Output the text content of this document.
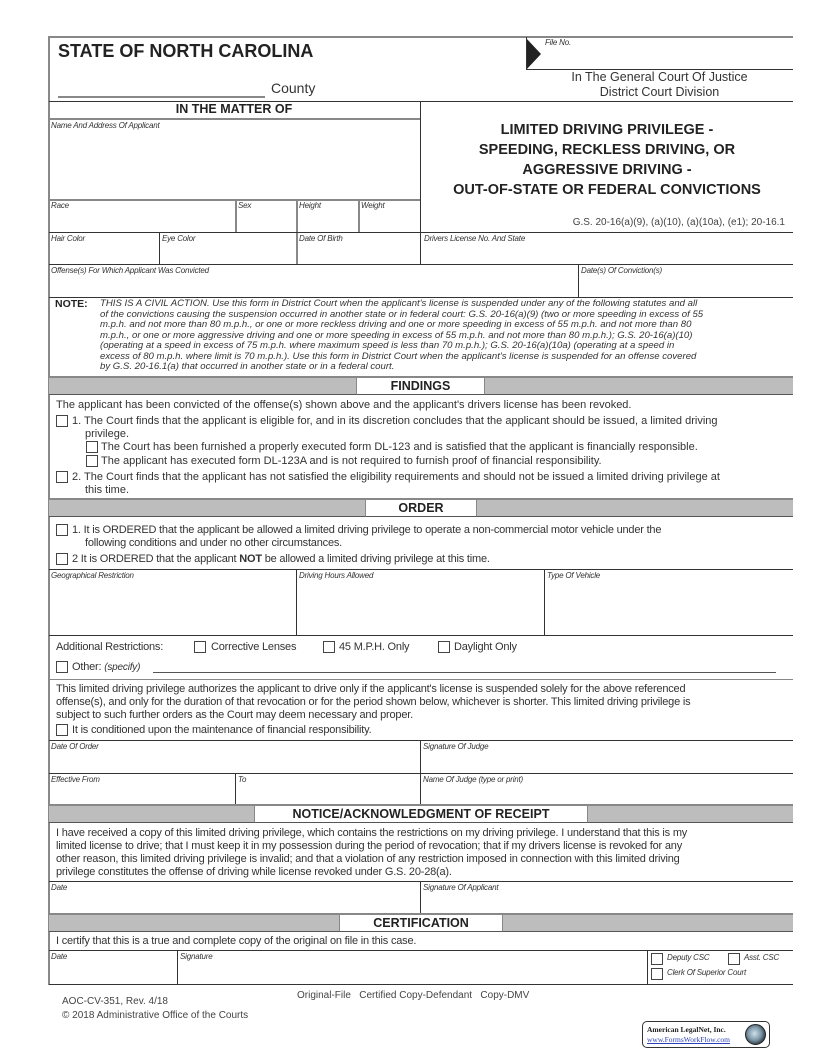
STATE OF NORTH CAROLINA
County
File No.
In The General Court Of Justice
District Court Division
IN THE MATTER OF
Name And Address Of Applicant
Race	Sex	Height	Weight
LIMITED DRIVING PRIVILEGE -
SPEEDING, RECKLESS DRIVING, OR
AGGRESSIVE DRIVING -
OUT-OF-STATE OR FEDERAL CONVICTIONS
G.S. 20-16(a)(9), (a)(10), (a)(10a), (e1); 20-16.1
Hair Color	Eye Color	Date Of Birth	Drivers License No. And State
Offense(s) For Which Applicant Was Convicted	Date(s) Of Conviction(s)
NOTE: THIS IS A CIVIL ACTION. Use this form in District Court when the applicant's license is suspended under any of the following statutes and all
of the convictions causing the suspension occurred in another state or in federal court: G.S. 20-16(a)(9) (two or more speeding in excess of 55
m.p.h. and not more than 80 m.p.h., or one or more reckless driving and one or more speeding in excess of 55 m.p.h. and not more than 80
m.p.h., or one or more aggressive driving and one or more speeding in excess of 55 m.p.h. and not more than 80 m.p.h.); G.S. 20-16(a)(10)
(operating at a speed in excess of 75 m.p.h. where maximum speed is less than 70 m.p.h.); G.S. 20-16(a)(10a) (operating at a speed in
excess of 80 m.p.h. where limit is 70 m.p.h.). Use this form in District Court when the applicant's license is suspended for an offense covered
by G.S. 20-16.1(a) that occurred in another state or in a federal court.
FINDINGS
The applicant has been convicted of the offense(s) shown above and the applicant's drivers license has been revoked.
1. The Court finds that the applicant is eligible for, and in its discretion concludes that the applicant should be issued, a limited driving
privilege.
The Court has been furnished a properly executed form DL-123 and is satisfied that the applicant is financially responsible.
The applicant has executed form DL-123A and is not required to furnish proof of financial responsibility.
2. The Court finds that the applicant has not satisfied the eligibility requirements and should not be issued a limited driving privilege at
this time.
ORDER
1. It is ORDERED that the applicant be allowed a limited driving privilege to operate a non-commercial motor vehicle under the
following conditions and under no other circumstances.
2 It is ORDERED that the applicant NOT be allowed a limited driving privilege at this time.
Geographical Restriction	Driving Hours Allowed	Type Of Vehicle
Additional Restrictions:	Corrective Lenses	45 M.P.H. Only	Daylight Only
Other: (specify)
This limited driving privilege authorizes the applicant to drive only if the applicant's license is suspended solely for the above referenced
offense(s), and only for the duration of that revocation or for the period shown below, whichever is shorter. This limited driving privilege is
subject to such further orders as the Court may deem necessary and proper.
It is conditioned upon the maintenance of financial responsibility.
Date Of Order	Signature Of Judge
Effective From	To	Name Of Judge (type or print)
NOTICE/ACKNOWLEDGMENT OF RECEIPT
I have received a copy of this limited driving privilege, which contains the restrictions on my driving privilege. I understand that this is my
limited license to drive; that I must keep it in my possession during the period of revocation; that if my drivers license is revoked for any
other reason, this limited driving privilege is invalid; and that a violation of any restriction imposed in connection with this limited driving
privilege constitutes the offense of driving while license revoked under G.S. 20-28(a).
Date	Signature Of Applicant
CERTIFICATION
I certify that this is a true and complete copy of the original on file in this case.
Date	Signature	Deputy CSC	Asst. CSC
Clerk Of Superior Court
Original-File   Certified Copy-Defendant   Copy-DMV
AOC-CV-351, Rev. 4/18
© 2018 Administrative Office of the Courts
American LegalNet, Inc.
www.FormsWorkFlow.com
